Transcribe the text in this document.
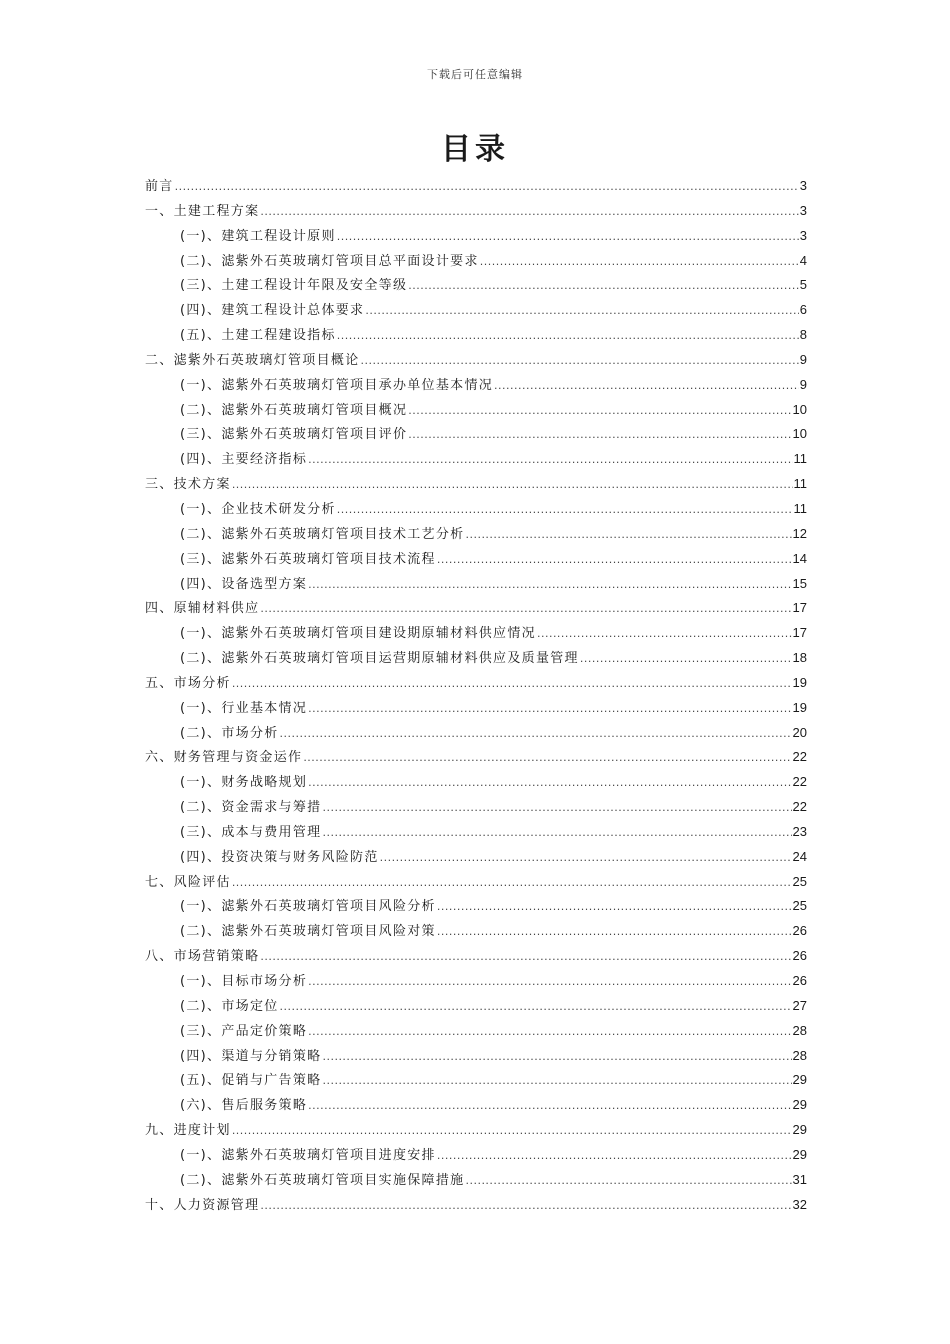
下载后可任意编辑
目录
前言 .....	3
一、土建工程方案 .....	3
(一)、建筑工程设计原则 .....	3
(二)、滤紫外石英玻璃灯管项目总平面设计要求 .....	4
(三)、土建工程设计年限及安全等级 .....	5
(四)、建筑工程设计总体要求 .....	6
(五)、土建工程建设指标 .....	8
二、滤紫外石英玻璃灯管项目概论 .....	9
(一)、滤紫外石英玻璃灯管项目承办单位基本情况 .....	9
(二)、滤紫外石英玻璃灯管项目概况 .....	10
(三)、滤紫外石英玻璃灯管项目评价 .....	10
(四)、主要经济指标 .....	11
三、技术方案 .....	11
(一)、企业技术研发分析 .....	11
(二)、滤紫外石英玻璃灯管项目技术工艺分析 .....	12
(三)、滤紫外石英玻璃灯管项目技术流程 .....	14
(四)、设备选型方案 .....	15
四、原辅材料供应 .....	17
(一)、滤紫外石英玻璃灯管项目建设期原辅材料供应情况 .....	17
(二)、滤紫外石英玻璃灯管项目运营期原辅材料供应及质量管理 .....	18
五、市场分析 .....	19
(一)、行业基本情况 .....	19
(二)、市场分析 .....	20
六、财务管理与资金运作 .....	22
(一)、财务战略规划 .....	22
(二)、资金需求与筹措 .....	22
(三)、成本与费用管理 .....	23
(四)、投资决策与财务风险防范 .....	24
七、风险评估 .....	25
(一)、滤紫外石英玻璃灯管项目风险分析 .....	25
(二)、滤紫外石英玻璃灯管项目风险对策 .....	26
八、市场营销策略 .....	26
(一)、目标市场分析 .....	26
(二)、市场定位 .....	27
(三)、产品定价策略 .....	28
(四)、渠道与分销策略 .....	28
(五)、促销与广告策略 .....	29
(六)、售后服务策略 .....	29
九、进度计划 .....	29
(一)、滤紫外石英玻璃灯管项目进度安排 .....	29
(二)、滤紫外石英玻璃灯管项目实施保障措施 .....	31
十、人力资源管理 .....	32
